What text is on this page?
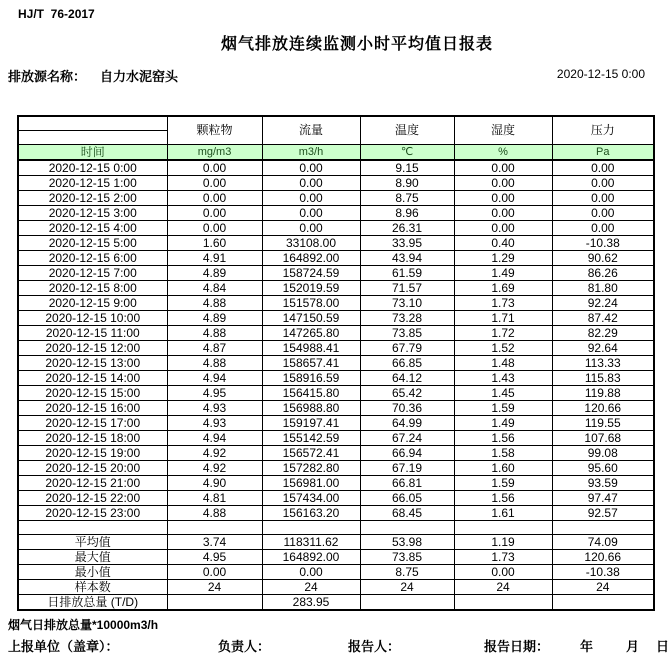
HJ/T  76-2017
烟气排放连续监测小时平均值日报表
排放源名称： 自力水泥窑头	2020-12-15 0:00
	颗粒物	流量	温度	湿度	压力
时间	mg/m3	m3/h	℃	%	Pa
2020-12-15 0:00	0.00	0.00	9.15	0.00	0.00
2020-12-15 1:00	0.00	0.00	8.90	0.00	0.00
2020-12-15 2:00	0.00	0.00	8.75	0.00	0.00
2020-12-15 3:00	0.00	0.00	8.96	0.00	0.00
2020-12-15 4:00	0.00	0.00	26.31	0.00	0.00
2020-12-15 5:00	1.60	33108.00	33.95	0.40	-10.38
2020-12-15 6:00	4.91	164892.00	43.94	1.29	90.62
2020-12-15 7:00	4.89	158724.59	61.59	1.49	86.26
2020-12-15 8:00	4.84	152019.59	71.57	1.69	81.80
2020-12-15 9:00	4.88	151578.00	73.10	1.73	92.24
2020-12-15 10:00	4.89	147150.59	73.28	1.71	87.42
2020-12-15 11:00	4.88	147265.80	73.85	1.72	82.29
2020-12-15 12:00	4.87	154988.41	67.79	1.52	92.64
2020-12-15 13:00	4.88	158657.41	66.85	1.48	113.33
2020-12-15 14:00	4.94	158916.59	64.12	1.43	115.83
2020-12-15 15:00	4.95	156415.80	65.42	1.45	119.88
2020-12-15 16:00	4.93	156988.80	70.36	1.59	120.66
2020-12-15 17:00	4.93	159197.41	64.99	1.49	119.55
2020-12-15 18:00	4.94	155142.59	67.24	1.56	107.68
2020-12-15 19:00	4.92	156572.41	66.94	1.58	99.08
2020-12-15 20:00	4.92	157282.80	67.19	1.60	95.60
2020-12-15 21:00	4.90	156981.00	66.81	1.59	93.59
2020-12-15 22:00	4.81	157434.00	66.05	1.56	97.47
2020-12-15 23:00	4.88	156163.20	68.45	1.61	92.57

平均值	3.74	118311.62	53.98	1.19	74.09
最大值	4.95	164892.00	73.85	1.73	120.66
最小值	0.00	0.00	8.75	0.00	-10.38
样本数	24	24	24	24	24
日排放总量 (T/D)		283.95			
烟气日排放总量*10000m3/h
上报单位（盖章）：	负责人：	报告人：	报告日期： 年	月 日
